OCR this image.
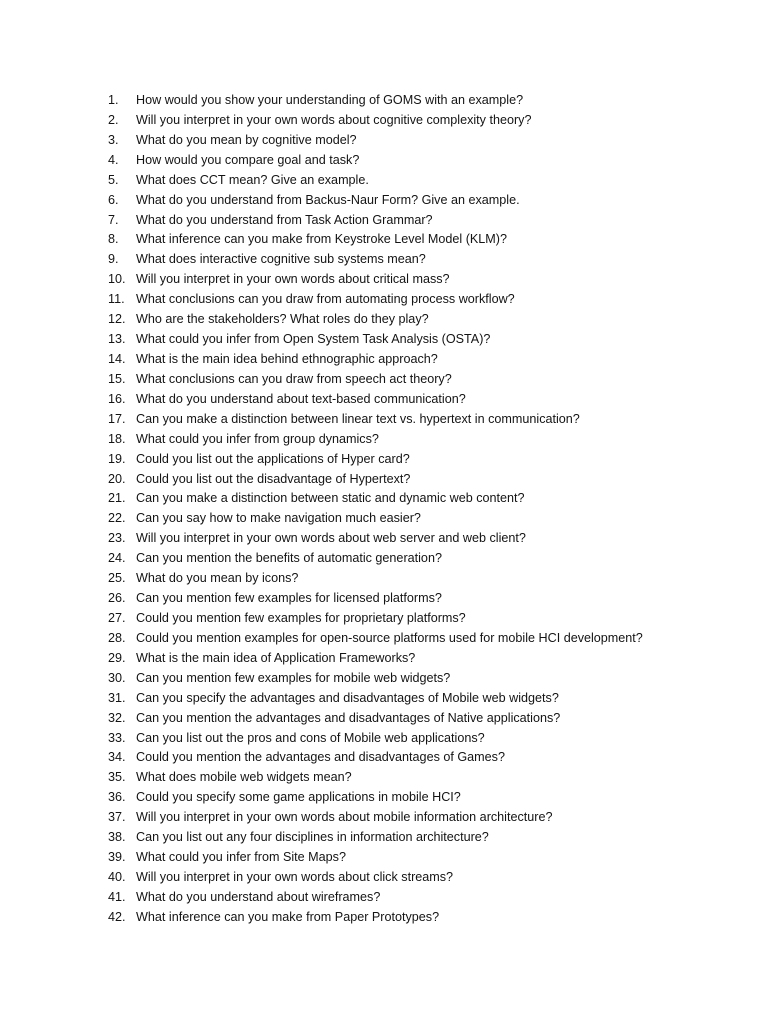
1.	How would you show your understanding of GOMS with an example?
2.	Will you interpret in your own words about cognitive complexity theory?
3.	What do you mean by cognitive model?
4.	How would you compare goal and task?
5.	What does CCT mean? Give an example.
6.	What do you understand from Backus-Naur Form? Give an example.
7.	What do you understand from Task Action Grammar?
8.	What inference can you make from Keystroke Level Model (KLM)?
9.	What does interactive cognitive sub systems mean?
10. Will you interpret in your own words about critical mass?
11. What conclusions can you draw from automating process workflow?
12. Who are the stakeholders? What roles do they play?
13. What could you infer from Open System Task Analysis (OSTA)?
14. What is the main idea behind ethnographic approach?
15. What conclusions can you draw from speech act theory?
16. What do you understand about text-based communication?
17. Can you make a distinction between linear text vs. hypertext in communication?
18. What could you infer from group dynamics?
19. Could you list out the applications of Hyper card?
20. Could you list out the disadvantage of Hypertext?
21. Can you make a distinction between static and dynamic web content?
22. Can you say how to make navigation much easier?
23. Will you interpret in your own words about web server and web client?
24. Can you mention the benefits of automatic generation?
25. What do you mean by icons?
26. Can you mention few examples for licensed platforms?
27. Could you mention few examples for proprietary platforms?
28. Could you mention examples for open-source platforms used for mobile HCI development?
29. What is the main idea of Application Frameworks?
30. Can you mention few examples for mobile web widgets?
31. Can you specify the advantages and disadvantages of Mobile web widgets?
32. Can you mention the advantages and disadvantages of Native applications?
33. Can you list out the pros and cons of Mobile web applications?
34. Could you mention the advantages and disadvantages of Games?
35. What does mobile web widgets mean?
36. Could you specify some game applications in mobile HCI?
37. Will you interpret in your own words about mobile information architecture?
38. Can you list out any four disciplines in information architecture?
39. What could you infer from Site Maps?
40. Will you interpret in your own words about click streams?
41. What do you understand about wireframes?
42. What inference can you make from Paper Prototypes?
